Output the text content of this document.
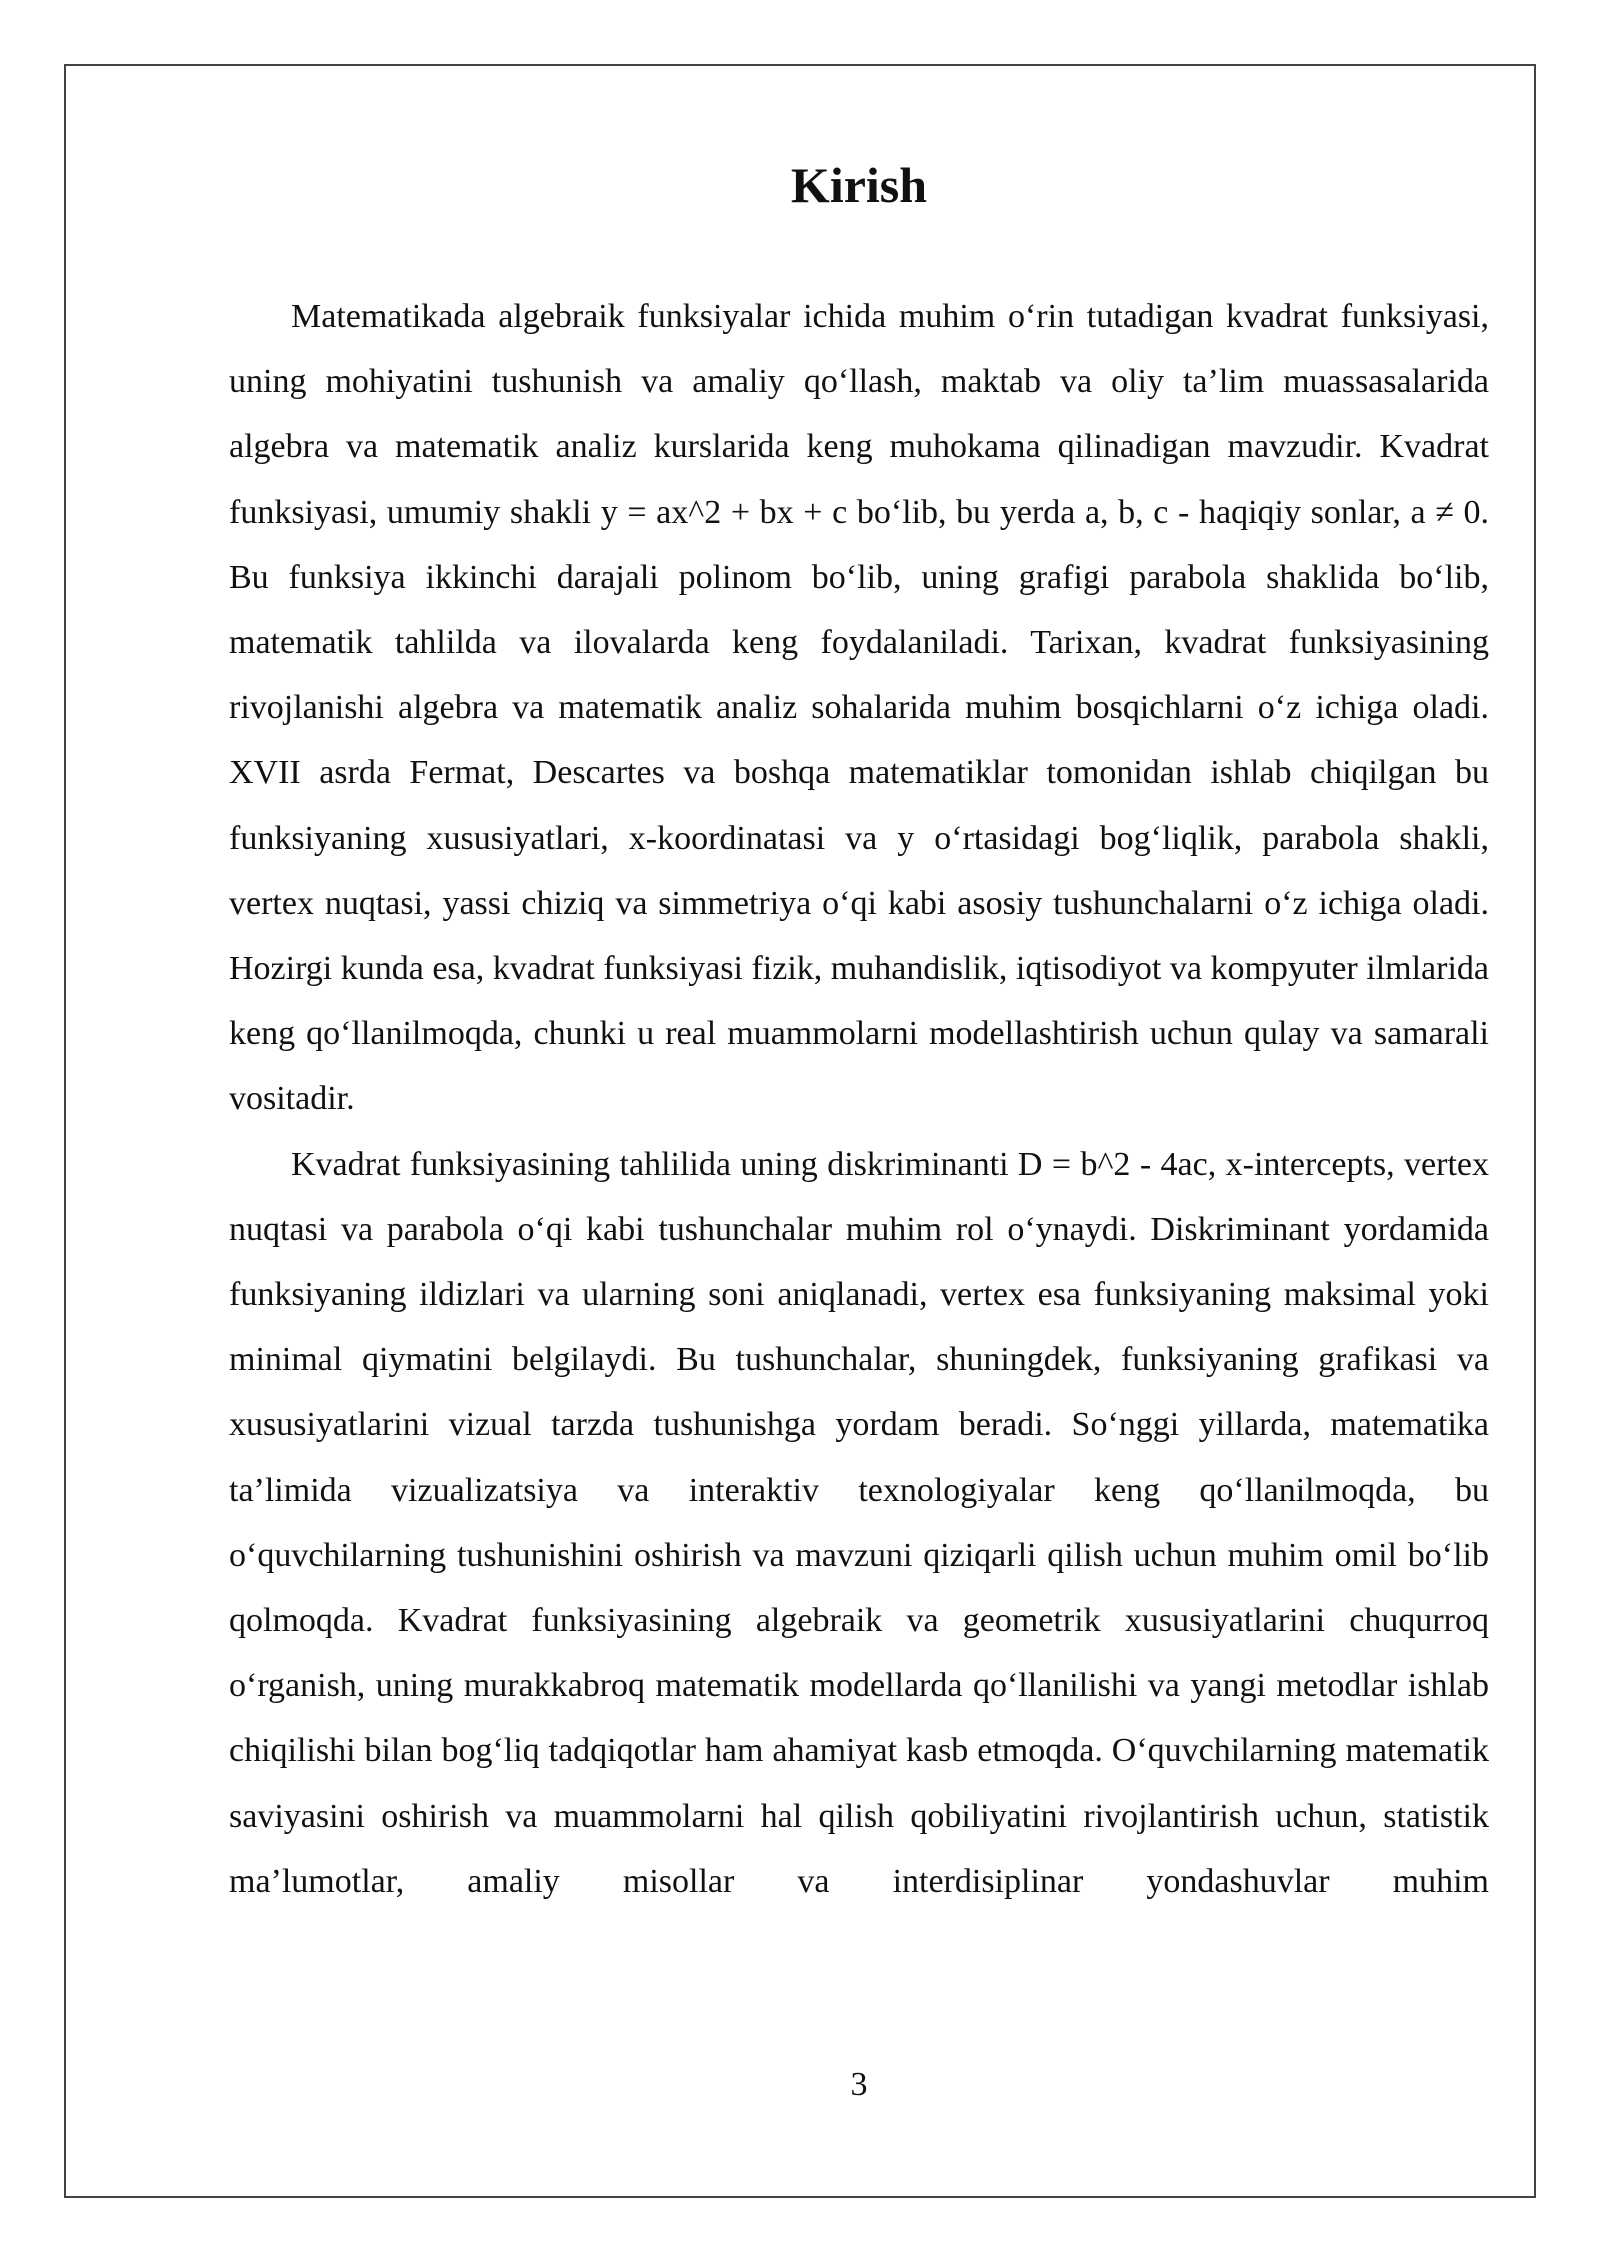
Kirish

Matematikada algebraik funksiyalar ichida muhim o‘rin tutadigan kvadrat funksiyasi, uning mohiyatini tushunish va amaliy qo‘llash, maktab va oliy ta’lim muassasalarida algebra va matematik analiz kurslarida keng muhokama qilinadigan mavzudir. Kvadrat funksiyasi, umumiy shakli y = ax^2 + bx + c bo‘lib, bu yerda a, b, c - haqiqiy sonlar, a ≠ 0. Bu funksiya ikkinchi darajali polinom bo‘lib, uning grafigi parabola shaklida bo‘lib, matematik tahlilda va ilovalarda keng foydalaniladi. Tarixan, kvadrat funksiyasining rivojlanishi algebra va matematik analiz sohalarida muhim bosqichlarni o‘z ichiga oladi. XVII asrda Fermat, Descartes va boshqa matematiklar tomonidan ishlab chiqilgan bu funksiyaning xususiyatlari, x-koordinatasi va y o‘rtasidagi bog‘liqlik, parabola shakli, vertex nuqtasi, yassi chiziq va simmetriya o‘qi kabi asosiy tushunchalarni o‘z ichiga oladi. Hozirgi kunda esa, kvadrat funksiyasi fizik, muhandislik, iqtisodiyot va kompyuter ilmlarida keng qo‘llanilmoqda, chunki u real muammolarni modellashtirish uchun qulay va samarali vositadir.

Kvadrat funksiyasining tahlilida uning diskriminanti D = b^2 - 4ac, x-intercepts, vertex nuqtasi va parabola o‘qi kabi tushunchalar muhim rol o‘ynaydi. Diskriminant yordamida funksiyaning ildizlari va ularning soni aniqlanadi, vertex esa funksiyaning maksimal yoki minimal qiymatini belgilaydi. Bu tushunchalar, shuningdek, funksiyaning grafikasi va xususiyatlarini vizual tarzda tushunishga yordam beradi. So‘nggi yillarda, matematika ta’limida vizualizatsiya va interaktiv texnologiyalar keng qo‘llanilmoqda, bu o‘quvchilarning tushunishini oshirish va mavzuni qiziqarli qilish uchun muhim omil bo‘lib qolmoqda. Kvadrat funksiyasining algebraik va geometrik xususiyatlarini chuqurroq o‘rganish, uning murakkabroq matematik modellarda qo‘llanilishi va yangi metodlar ishlab chiqilishi bilan bog‘liq tadqiqotlar ham ahamiyat kasb etmoqda. O‘quvchilarning matematik saviyasini oshirish va muammolarni hal qilish qobiliyatini rivojlantirish uchun, statistik ma’lumotlar, amaliy misollar va interdisiplinar yondashuvlar muhim

3
